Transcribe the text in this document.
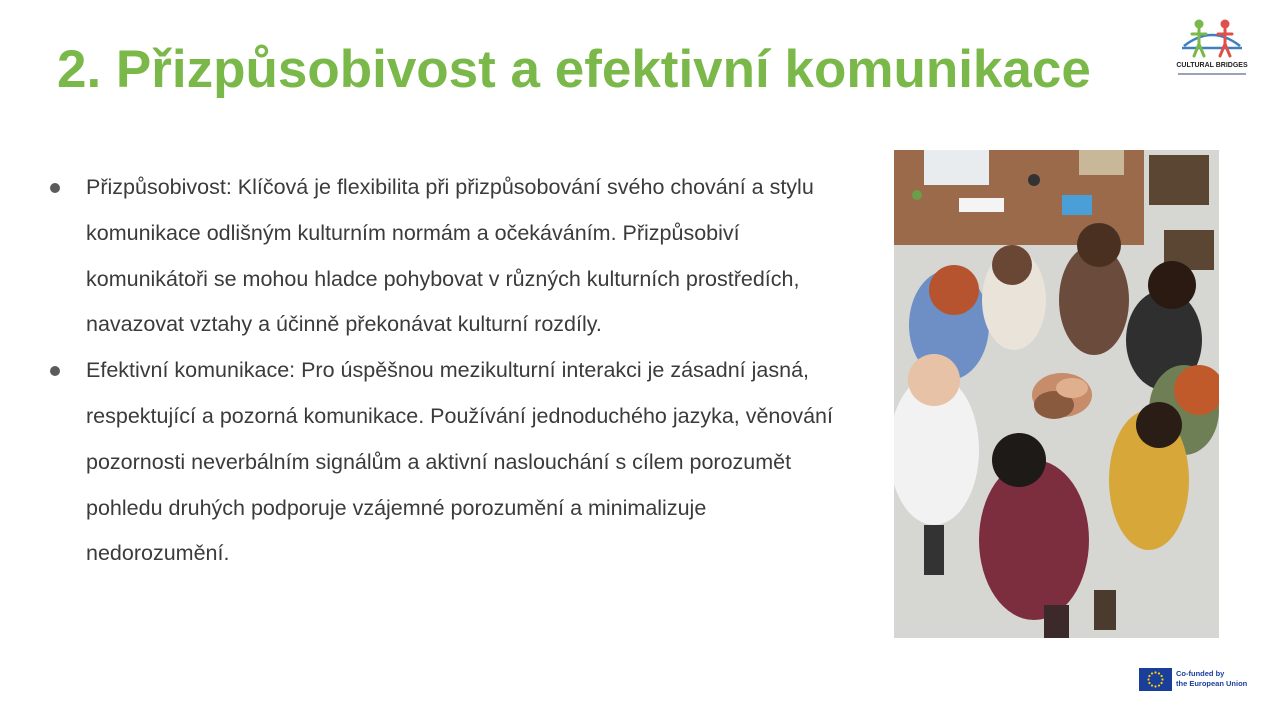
2. Přizpůsobivost a efektivní komunikace	CULTURAL BRIDGES
Přizpůsobivost: Klíčová je flexibilita při přizpůsobování svého chování a stylu komunikace odlišným kulturním normám a očekáváním. Přizpůsobiví komunikátoři se mohou hladce pohybovat v různých kulturních prostředích, navazovat vztahy a účinně překonávat kulturní rozdíly.
Efektivní komunikace: Pro úspěšnou mezikulturní interakci je zásadní jasná, respektující a pozorná komunikace. Používání jednoduchého jazyka, věnování pozornosti neverbálním signálům a aktivní naslouchání s cílem porozumět pohledu druhých podporuje vzájemné porozumění a minimalizuje nedorozumění.
Co-funded by
the European Union
